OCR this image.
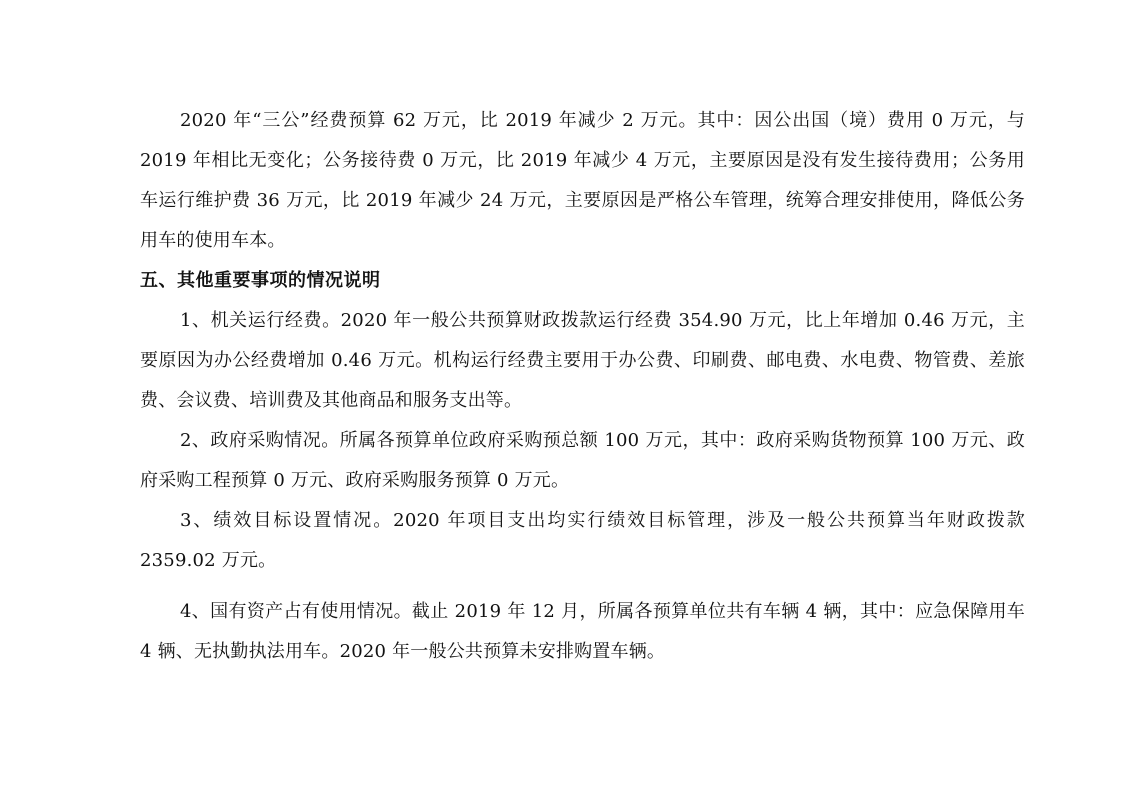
2020 年“三公”经费预算 62 万元，比 2019 年减少 2 万元。其中：因公出国（境）费用 0 万元，与 2019 年相比无变化；公务接待费 0 万元，比 2019 年减少 4 万元，主要原因是没有发生接待费用；公务用车运行维护费 36 万元，比 2019 年减少 24 万元，主要原因是严格公车管理，统筹合理安排使用，降低公务用车的使用车本。

五、其他重要事项的情况说明

1、机关运行经费。2020 年一般公共预算财政拨款运行经费 354.90 万元，比上年增加 0.46 万元，主要原因为办公经费增加 0.46 万元。机构运行经费主要用于办公费、印刷费、邮电费、水电费、物管费、差旅费、会议费、培训费及其他商品和服务支出等。

2、政府采购情况。所属各预算单位政府采购预总额 100 万元，其中：政府采购货物预算 100 万元、政府采购工程预算 0 万元、政府采购服务预算 0 万元。

3、绩效目标设置情况。2020 年项目支出均实行绩效目标管理，涉及一般公共预算当年财政拨款 2359.02 万元。

4、国有资产占有使用情况。截止 2019 年 12 月，所属各预算单位共有车辆 4 辆，其中：应急保障用车 4 辆、无执勤执法用车。2020 年一般公共预算未安排购置车辆。
